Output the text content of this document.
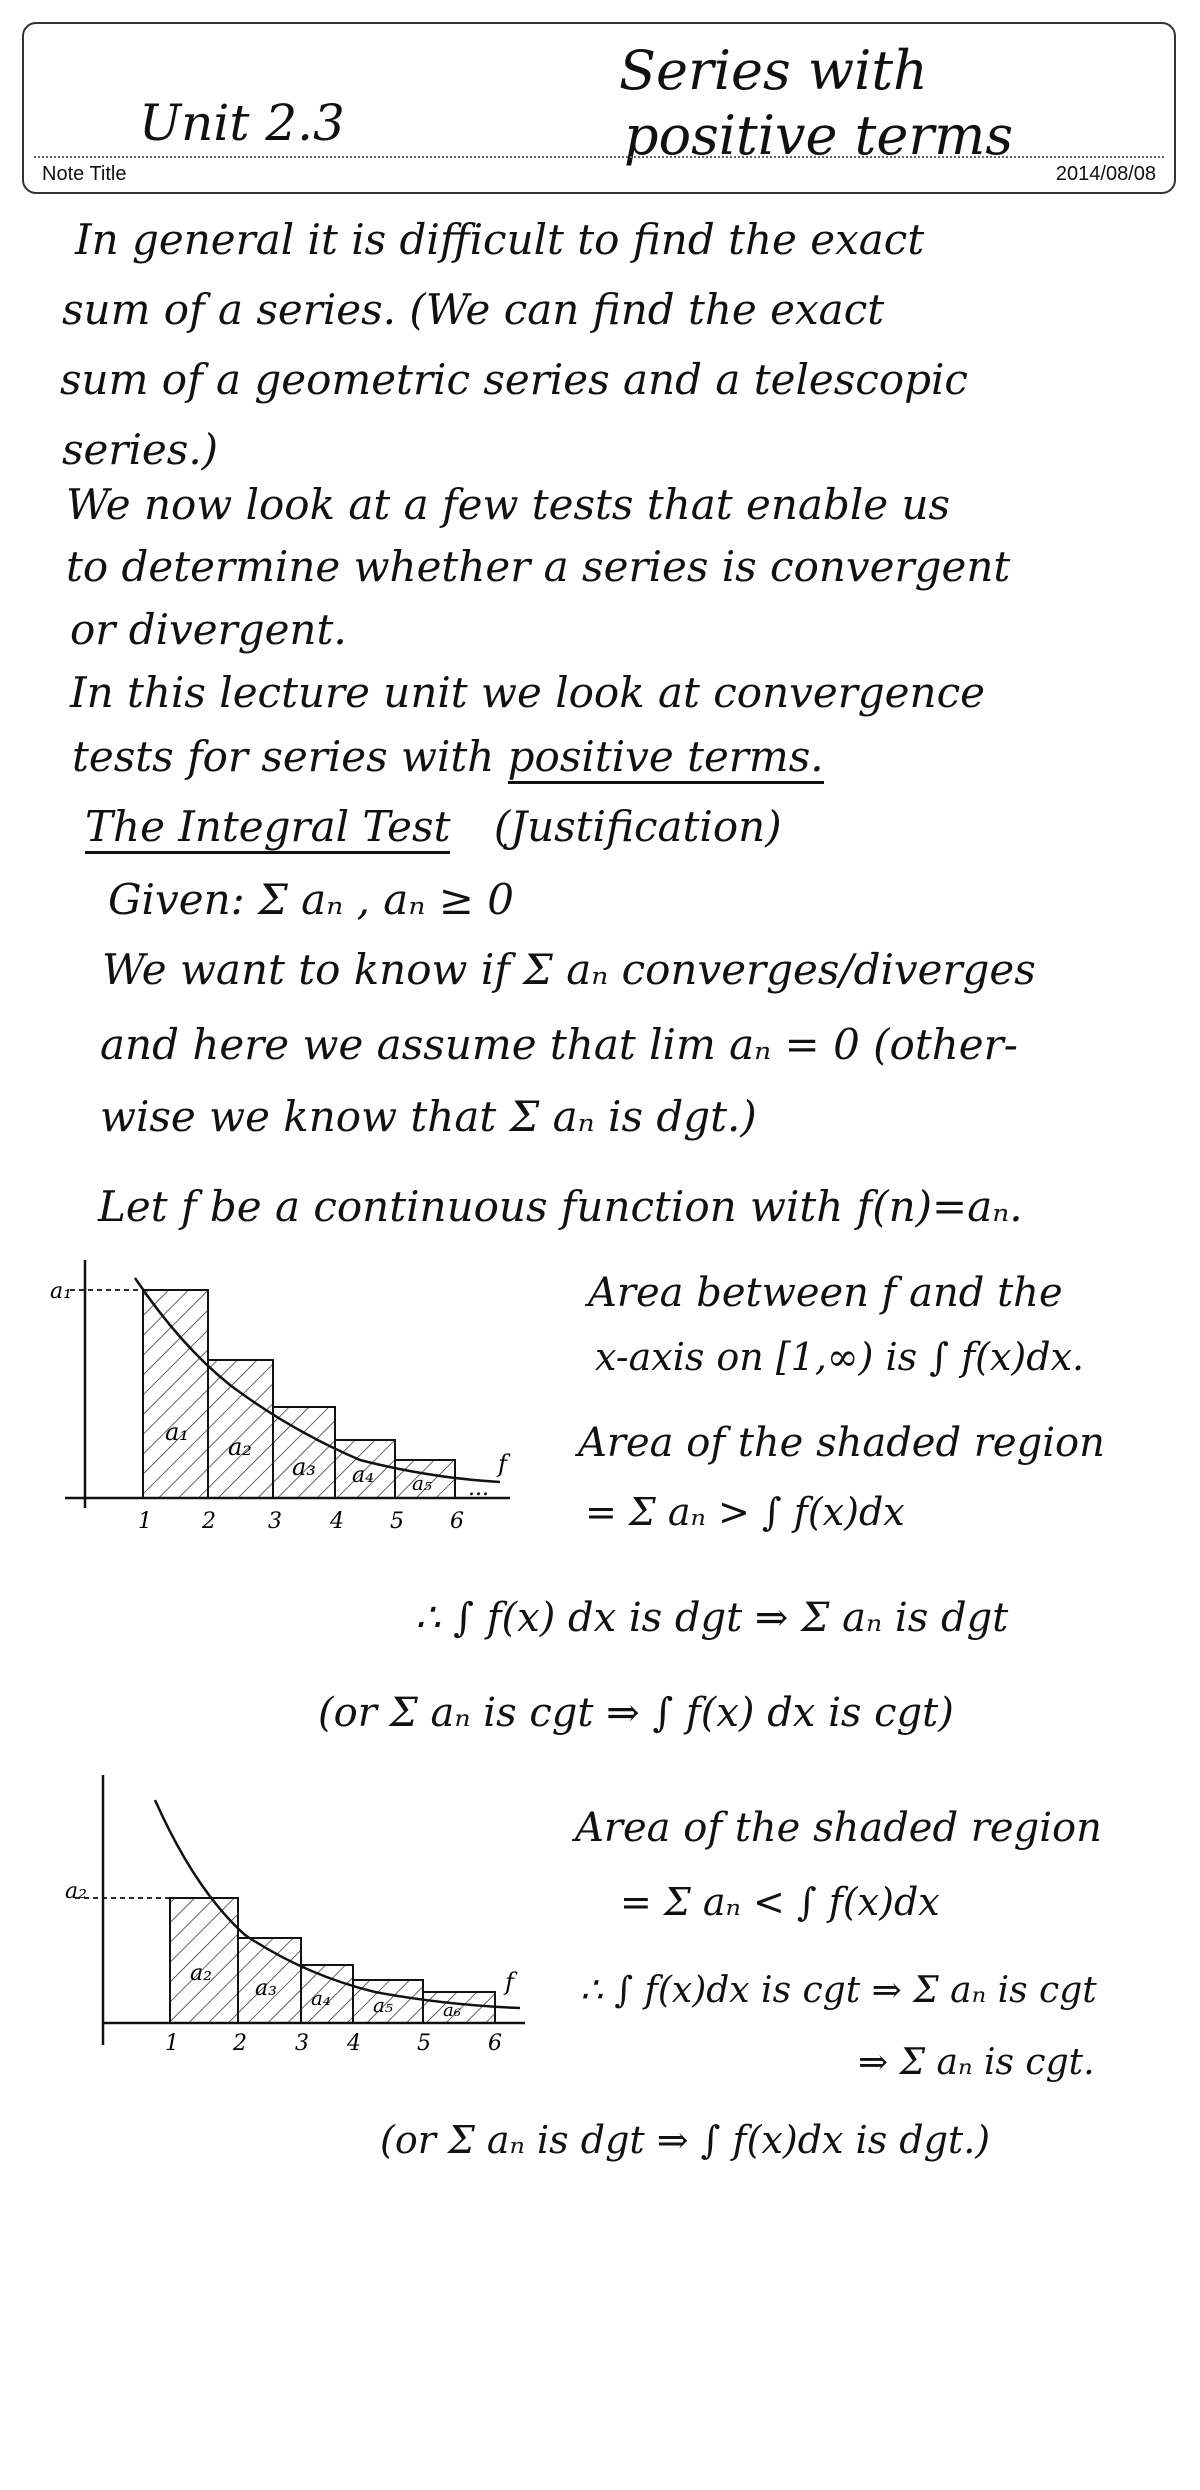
Unit 2.3
Series with
positive terms
Note Title	2014/08/08
In general it is difficult to find the exact
sum of a series. (We can find the exact
sum of a geometric series and a telescopic
series.)
We now look at a few tests that enable us
to determine whether a series is convergent
or divergent.
In this lecture unit we look at convergence
tests for series with positive terms.
The Integral Test (Justification)
Given: Σ aₙ , aₙ ≥ 0
We want to know if Σ aₙ converges/diverges
and here we assume that lim aₙ = 0 (other-
wise we know that Σ aₙ is dgt.)
Let f be a continuous function with f(n)=aₙ.
a₁
a₁
a₂
a₃ a₄ a₅
f
...
1 2 3 4 5 6
Area between f and the
x-axis on [1,∞) is ∫ f(x)dx.
Area of the shaded region
= Σ aₙ > ∫ f(x)dx
∴ ∫ f(x) dx is dgt ⇒ Σ aₙ is dgt
(or Σ aₙ is cgt ⇒ ∫ f(x) dx is cgt)
a₂
a₂
a₃ a₄ a₅	a₆
f
1 2 3 4	5	6
Area of the shaded region
= Σ aₙ < ∫ f(x)dx
∴ ∫ f(x)dx is cgt ⇒ Σ aₙ is cgt
⇒ Σ aₙ is cgt.
(or Σ aₙ is dgt ⇒ ∫ f(x)dx is dgt.)
